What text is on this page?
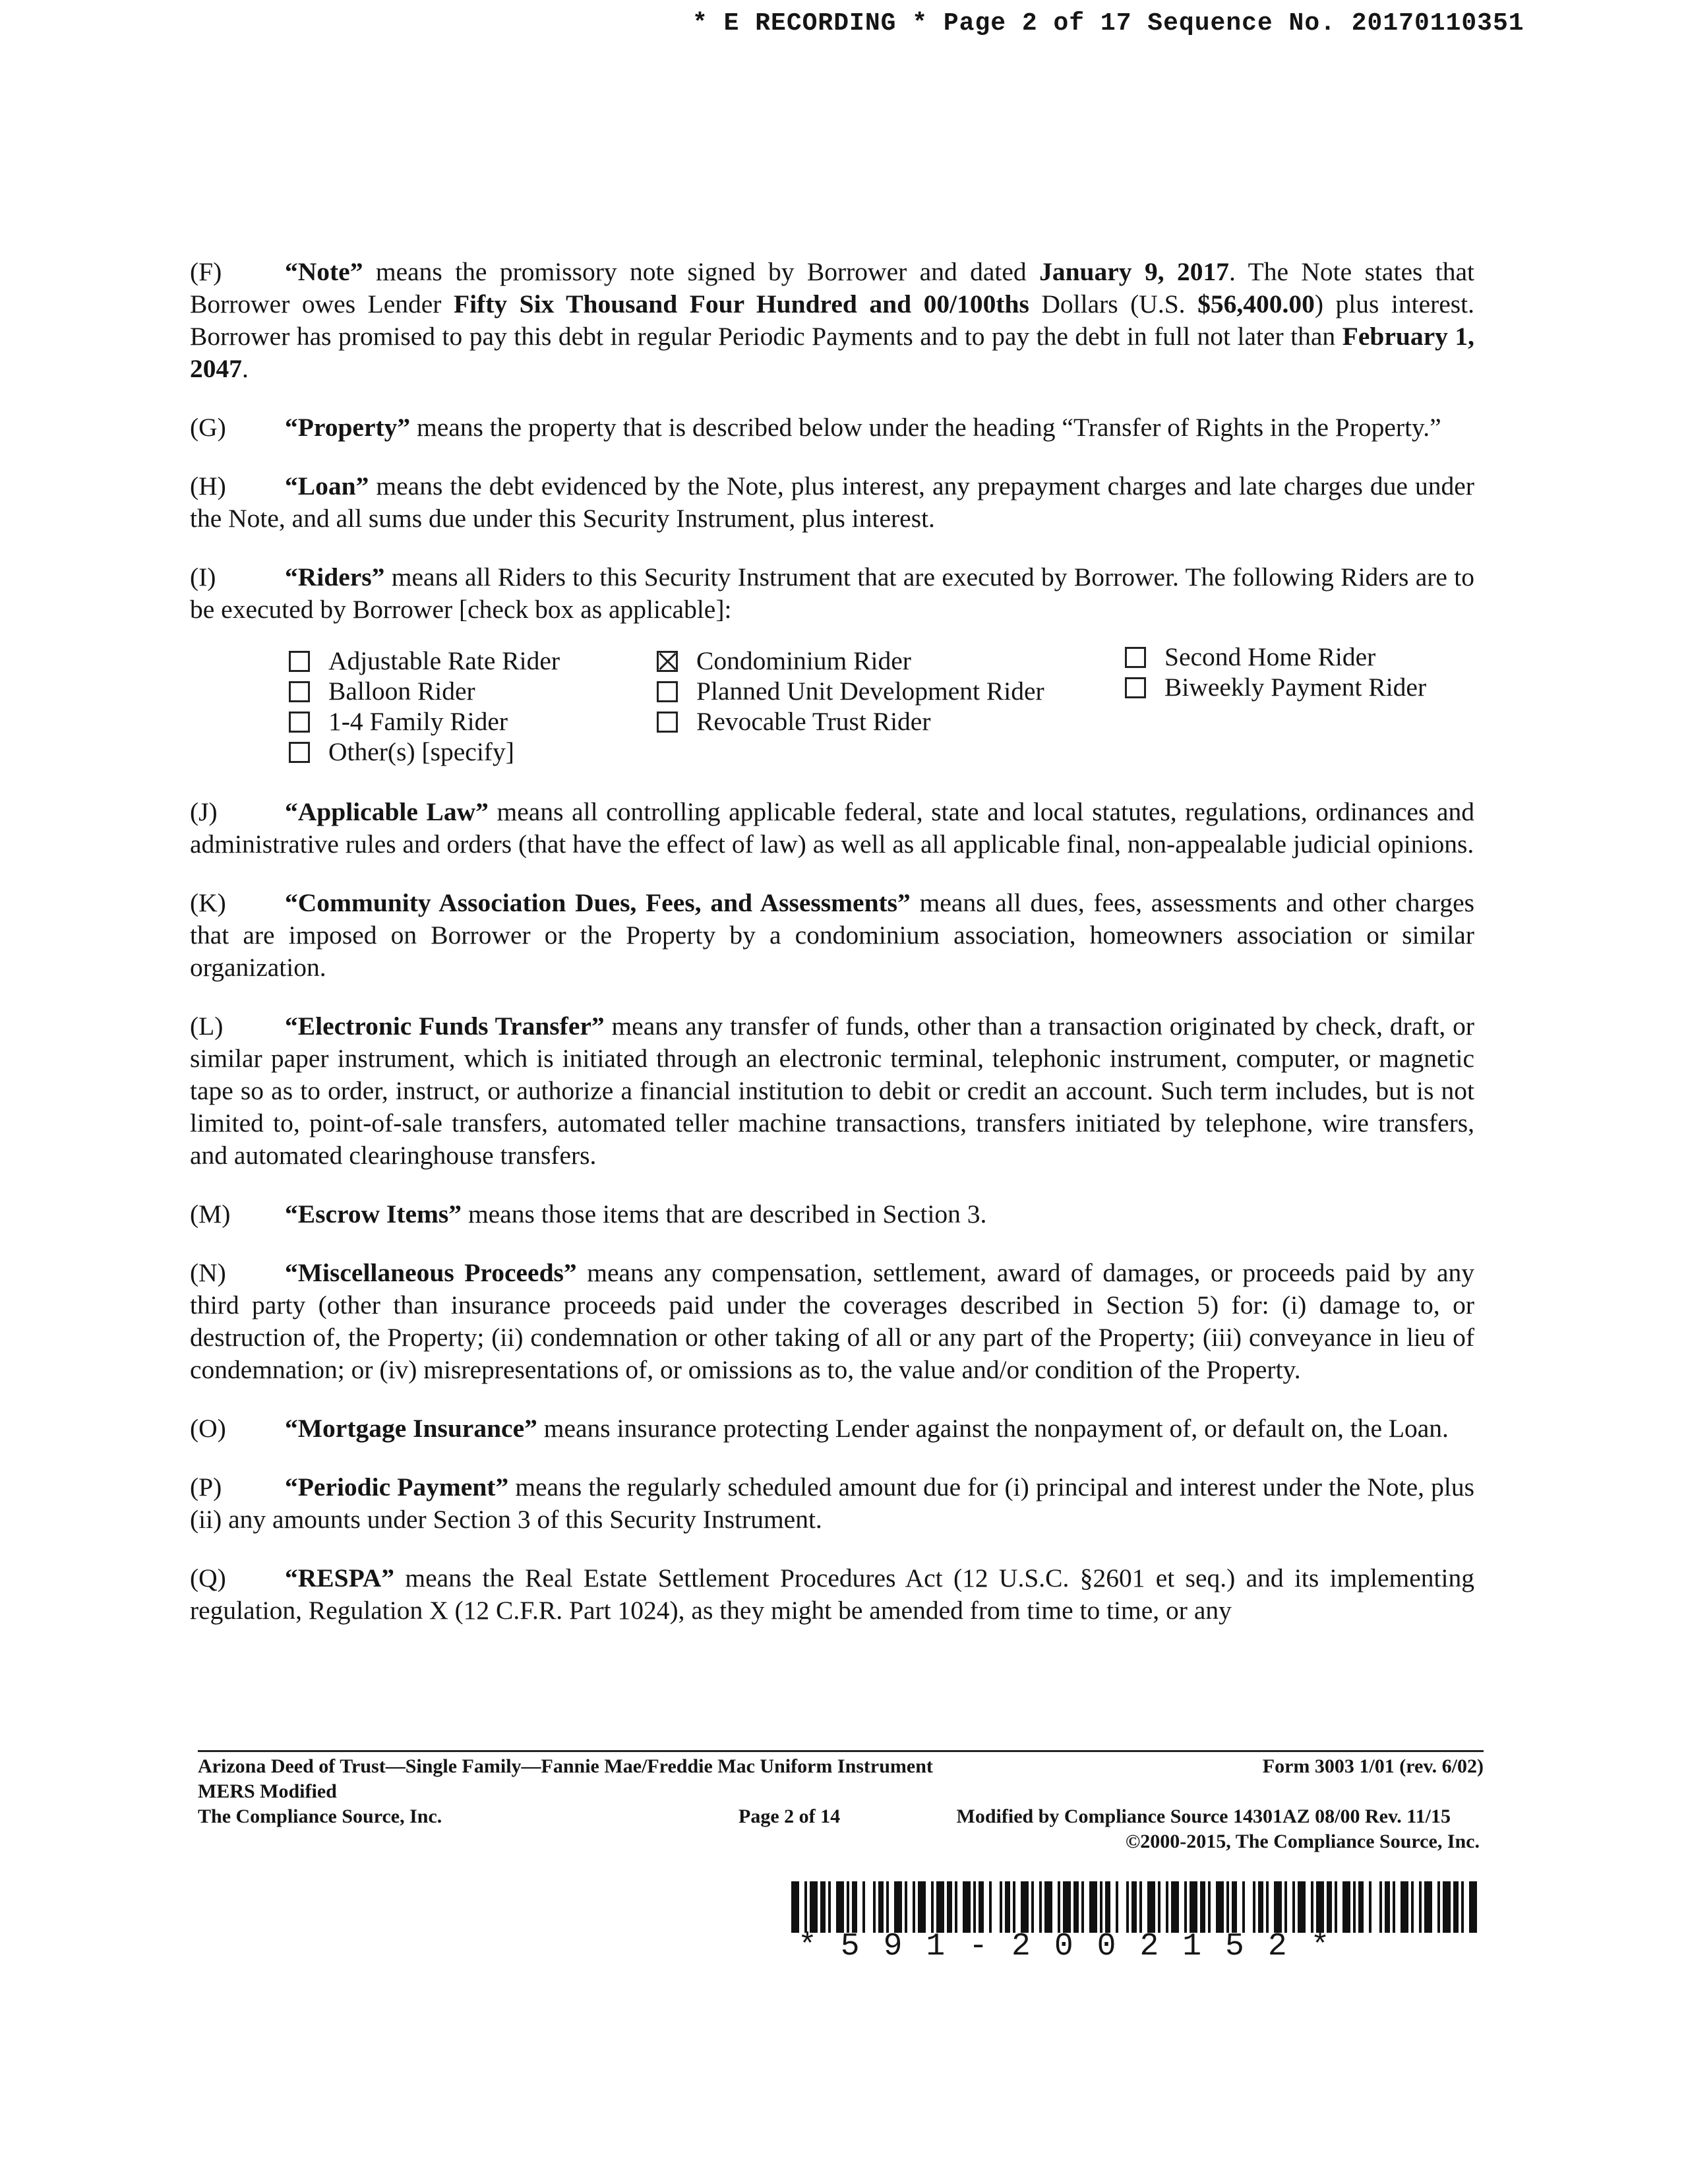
* E RECORDING * Page 2 of 17 Sequence No. 20170110351

(F) “Note” means the promissory note signed by Borrower and dated January 9, 2017. The Note states that Borrower owes Lender Fifty Six Thousand Four Hundred and 00/100ths Dollars (U.S. $56,400.00) plus interest. Borrower has promised to pay this debt in regular Periodic Payments and to pay the debt in full not later than February 1, 2047.

(G) “Property” means the property that is described below under the heading “Transfer of Rights in the Property.”

(H) “Loan” means the debt evidenced by the Note, plus interest, any prepayment charges and late charges due under the Note, and all sums due under this Security Instrument, plus interest.

(I)	“Riders” means all Riders to this Security Instrument that are executed by Borrower. The following Riders are to be executed by Borrower [check box as applicable]:

Adjustable Rate Rider
Balloon Rider
1-4 Family Rider
Other(s) [specify]
Condominium Rider
Planned Unit Development Rider
Revocable Trust Rider
Second Home Rider
Biweekly Payment Rider

(J)	“Applicable Law” means all controlling applicable federal, state and local statutes, regulations, ordinances and administrative rules and orders (that have the effect of law) as well as all applicable final, non-appealable judicial opinions.

(K) “Community Association Dues, Fees, and Assessments” means all dues, fees, assessments and other charges that are imposed on Borrower or the Property by a condominium association, homeowners association or similar organization.

(L) “Electronic Funds Transfer” means any transfer of funds, other than a transaction originated by check, draft, or similar paper instrument, which is initiated through an electronic terminal, telephonic instrument, computer, or magnetic tape so as to order, instruct, or authorize a financial institution to debit or credit an account. Such term includes, but is not limited to, point-of-sale transfers, automated teller machine transactions, transfers initiated by telephone, wire transfers, and automated clearinghouse transfers.

(M) “Escrow Items” means those items that are described in Section 3.

(N) “Miscellaneous Proceeds” means any compensation, settlement, award of damages, or proceeds paid by any third party (other than insurance proceeds paid under the coverages described in Section 5) for: (i) damage to, or destruction of, the Property; (ii) condemnation or other taking of all or any part of the Property; (iii) conveyance in lieu of condemnation; or (iv) misrepresentations of, or omissions as to, the value and/or condition of the Property.

(O) “Mortgage Insurance” means insurance protecting Lender against the nonpayment of, or default on, the Loan.

(P) “Periodic Payment” means the regularly scheduled amount due for (i) principal and interest under the Note, plus (ii) any amounts under Section 3 of this Security Instrument.

(Q) “RESPA” means the Real Estate Settlement Procedures Act (12 U.S.C. §2601 et seq.) and its implementing regulation, Regulation X (12 C.F.R. Part 1024), as they might be amended from time to time, or any

Arizona Deed of Trust—Single Family—Fannie Mae/Freddie Mac Uniform Instrument	Form 3003 1/01 (rev. 6/02)
MERS Modified
The Compliance Source, Inc.	Page 2 of 14	Modified by Compliance Source 14301AZ 08/00 Rev. 11/15
©2000-2015, The Compliance Source, Inc.
*591-2002152*
